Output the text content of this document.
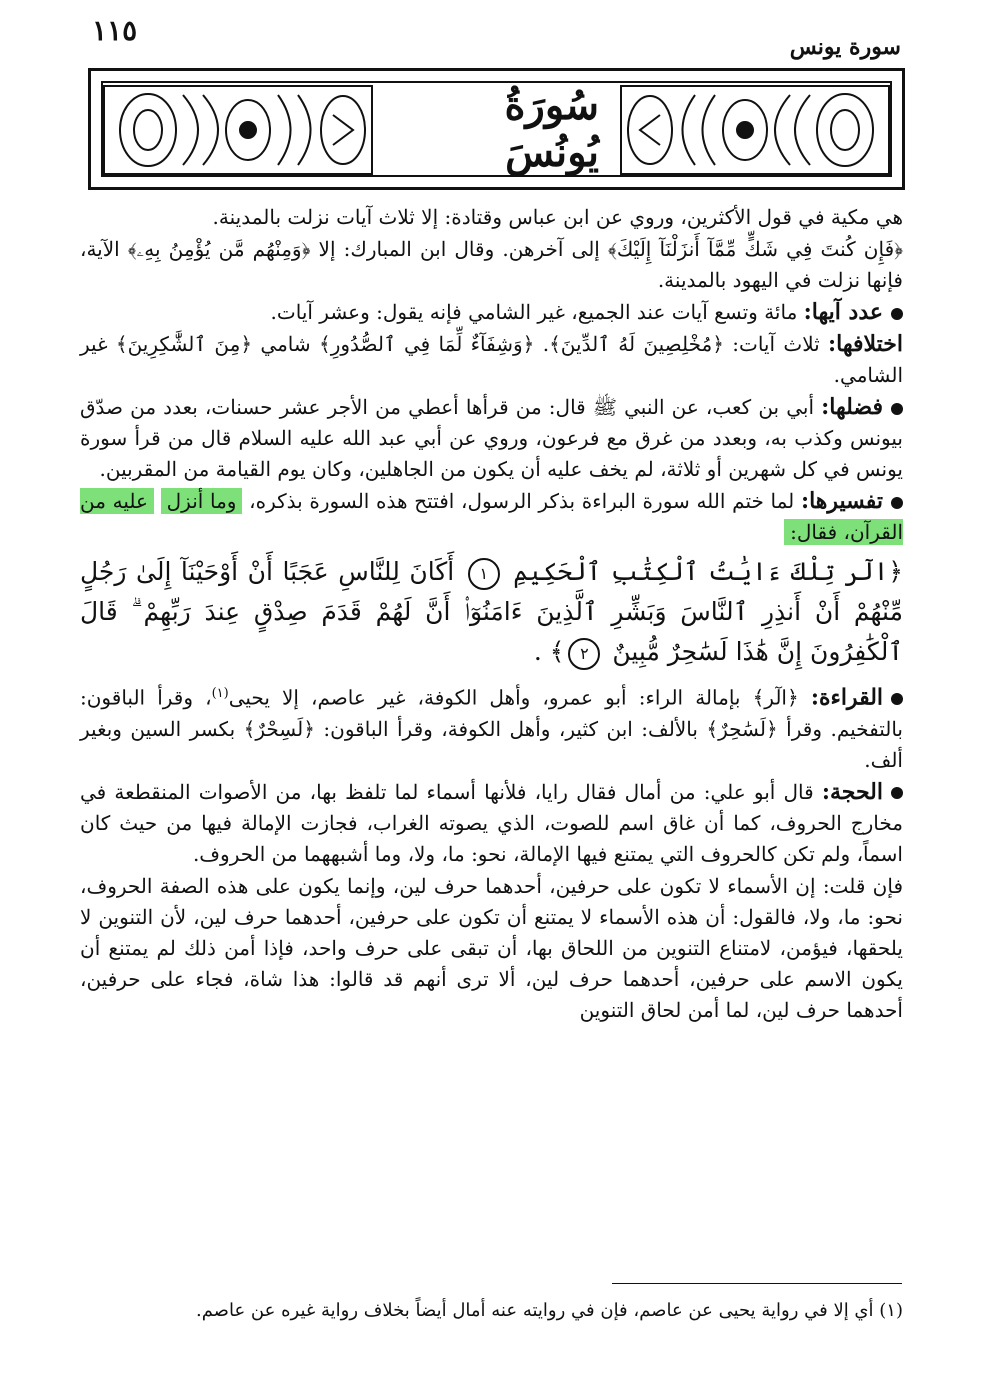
١١٥	سورة يونس
سُورَةُ يُونُسَ

هي مكية في قول الأكثرين، وروي عن ابن عباس وقتادة: إلا ثلاث آيات نزلت بالمدينة.

﴿فَإِن كُنتَ فِي شَكٍّ مِّمَّآ أَنزَلْنَآ إِلَيْكَ﴾ إلى آخرهن. وقال ابن المبارك: إلا ﴿وَمِنْهُم مَّن يُؤْمِنُ بِهِۦ﴾ الآية، فإنها نزلت في اليهود بالمدينة.

عدد آيها: مائة وتسع آيات عند الجميع، غير الشامي فإنه يقول: وعشر آيات.

اختلافها: ثلاث آيات: ﴿مُخْلِصِينَ لَهُ ٱلدِّينَ﴾. ﴿وَشِفَآءٌ لِّمَا فِي ٱلصُّدُورِ﴾ شامي ﴿مِنَ ٱلشَّٰكِرِينَ﴾ غير الشامي.

فضلها: أبي بن كعب، عن النبي ﷺ قال: من قرأها أعطي من الأجر عشر حسنات، بعدد من صدّق بيونس وكذب به، وبعدد من غرق مع فرعون، وروي عن أبي عبد الله عليه السلام قال من قرأ سورة يونس في كل شهرين أو ثلاثة، لم يخف عليه أن يكون من الجاهلين، وكان يوم القيامة من المقربين.

تفسيرها: لما ختم الله سورة البراءة بذكر الرسول، افتتح هذه السورة بذكره، وما أنزل عليه من القرآن، فقال:

﴿الٓر تِلْكَ ءَايَٰتُ ٱلْكِتَٰبِ ٱلْحَكِيمِ ١ أَكَانَ لِلنَّاسِ عَجَبًا أَنْ أَوْحَيْنَآ إِلَىٰ رَجُلٍ مِّنْهُمْ أَنْ أَنذِرِ ٱلنَّاسَ وَبَشِّرِ ٱلَّذِينَ ءَامَنُوٓا۟ أَنَّ لَهُمْ قَدَمَ صِدْقٍ عِندَ رَبِّهِمْ ۗ قَالَ ٱلْكَٰفِرُونَ إِنَّ هَٰذَا لَسَٰحِرٌ مُّبِينٌ ٢﴾ .

القراءة: ﴿الٓر﴾ بإمالة الراء: أبو عمرو، وأهل الكوفة، غير عاصم، إلا يحيى$^{(١)}$، وقرأ الباقون: بالتفخيم. وقرأ ﴿لَسَٰحِرٌ﴾ بالألف: ابن كثير، وأهل الكوفة، وقرأ الباقون: ﴿لَسِحْرٌ﴾ بكسر السين وبغير ألف.

الحجة: قال أبو علي: من أمال فقال رايا، فلأنها أسماء لما تلفظ بها، من الأصوات المنقطعة في مخارج الحروف، كما أن غاق اسم للصوت، الذي يصوته الغراب، فجازت الإمالة فيها من حيث كان اسماً، ولم تكن كالحروف التي يمتنع فيها الإمالة، نحو: ما، ولا، وما أشبههما من الحروف.

فإن قلت: إن الأسماء لا تكون على حرفين، أحدهما حرف لين، وإنما يكون على هذه الصفة الحروف، نحو: ما، ولا، فالقول: أن هذه الأسماء لا يمتنع أن تكون على حرفين، أحدهما حرف لين، لأن التنوين لا يلحقها، فيؤمن، لامتناع التنوين من اللحاق بها، أن تبقى على حرف واحد، فإذا أمن ذلك لم يمتنع أن يكون الاسم على حرفين، أحدهما حرف لين، ألا ترى أنهم قد قالوا: هذا شاة، فجاء على حرفين، أحدهما حرف لين، لما أمن لحاق التنوين

(١) أي إلا في رواية يحيى عن عاصم، فإن في روايته عنه أمال أيضاً بخلاف رواية غيره عن عاصم.
